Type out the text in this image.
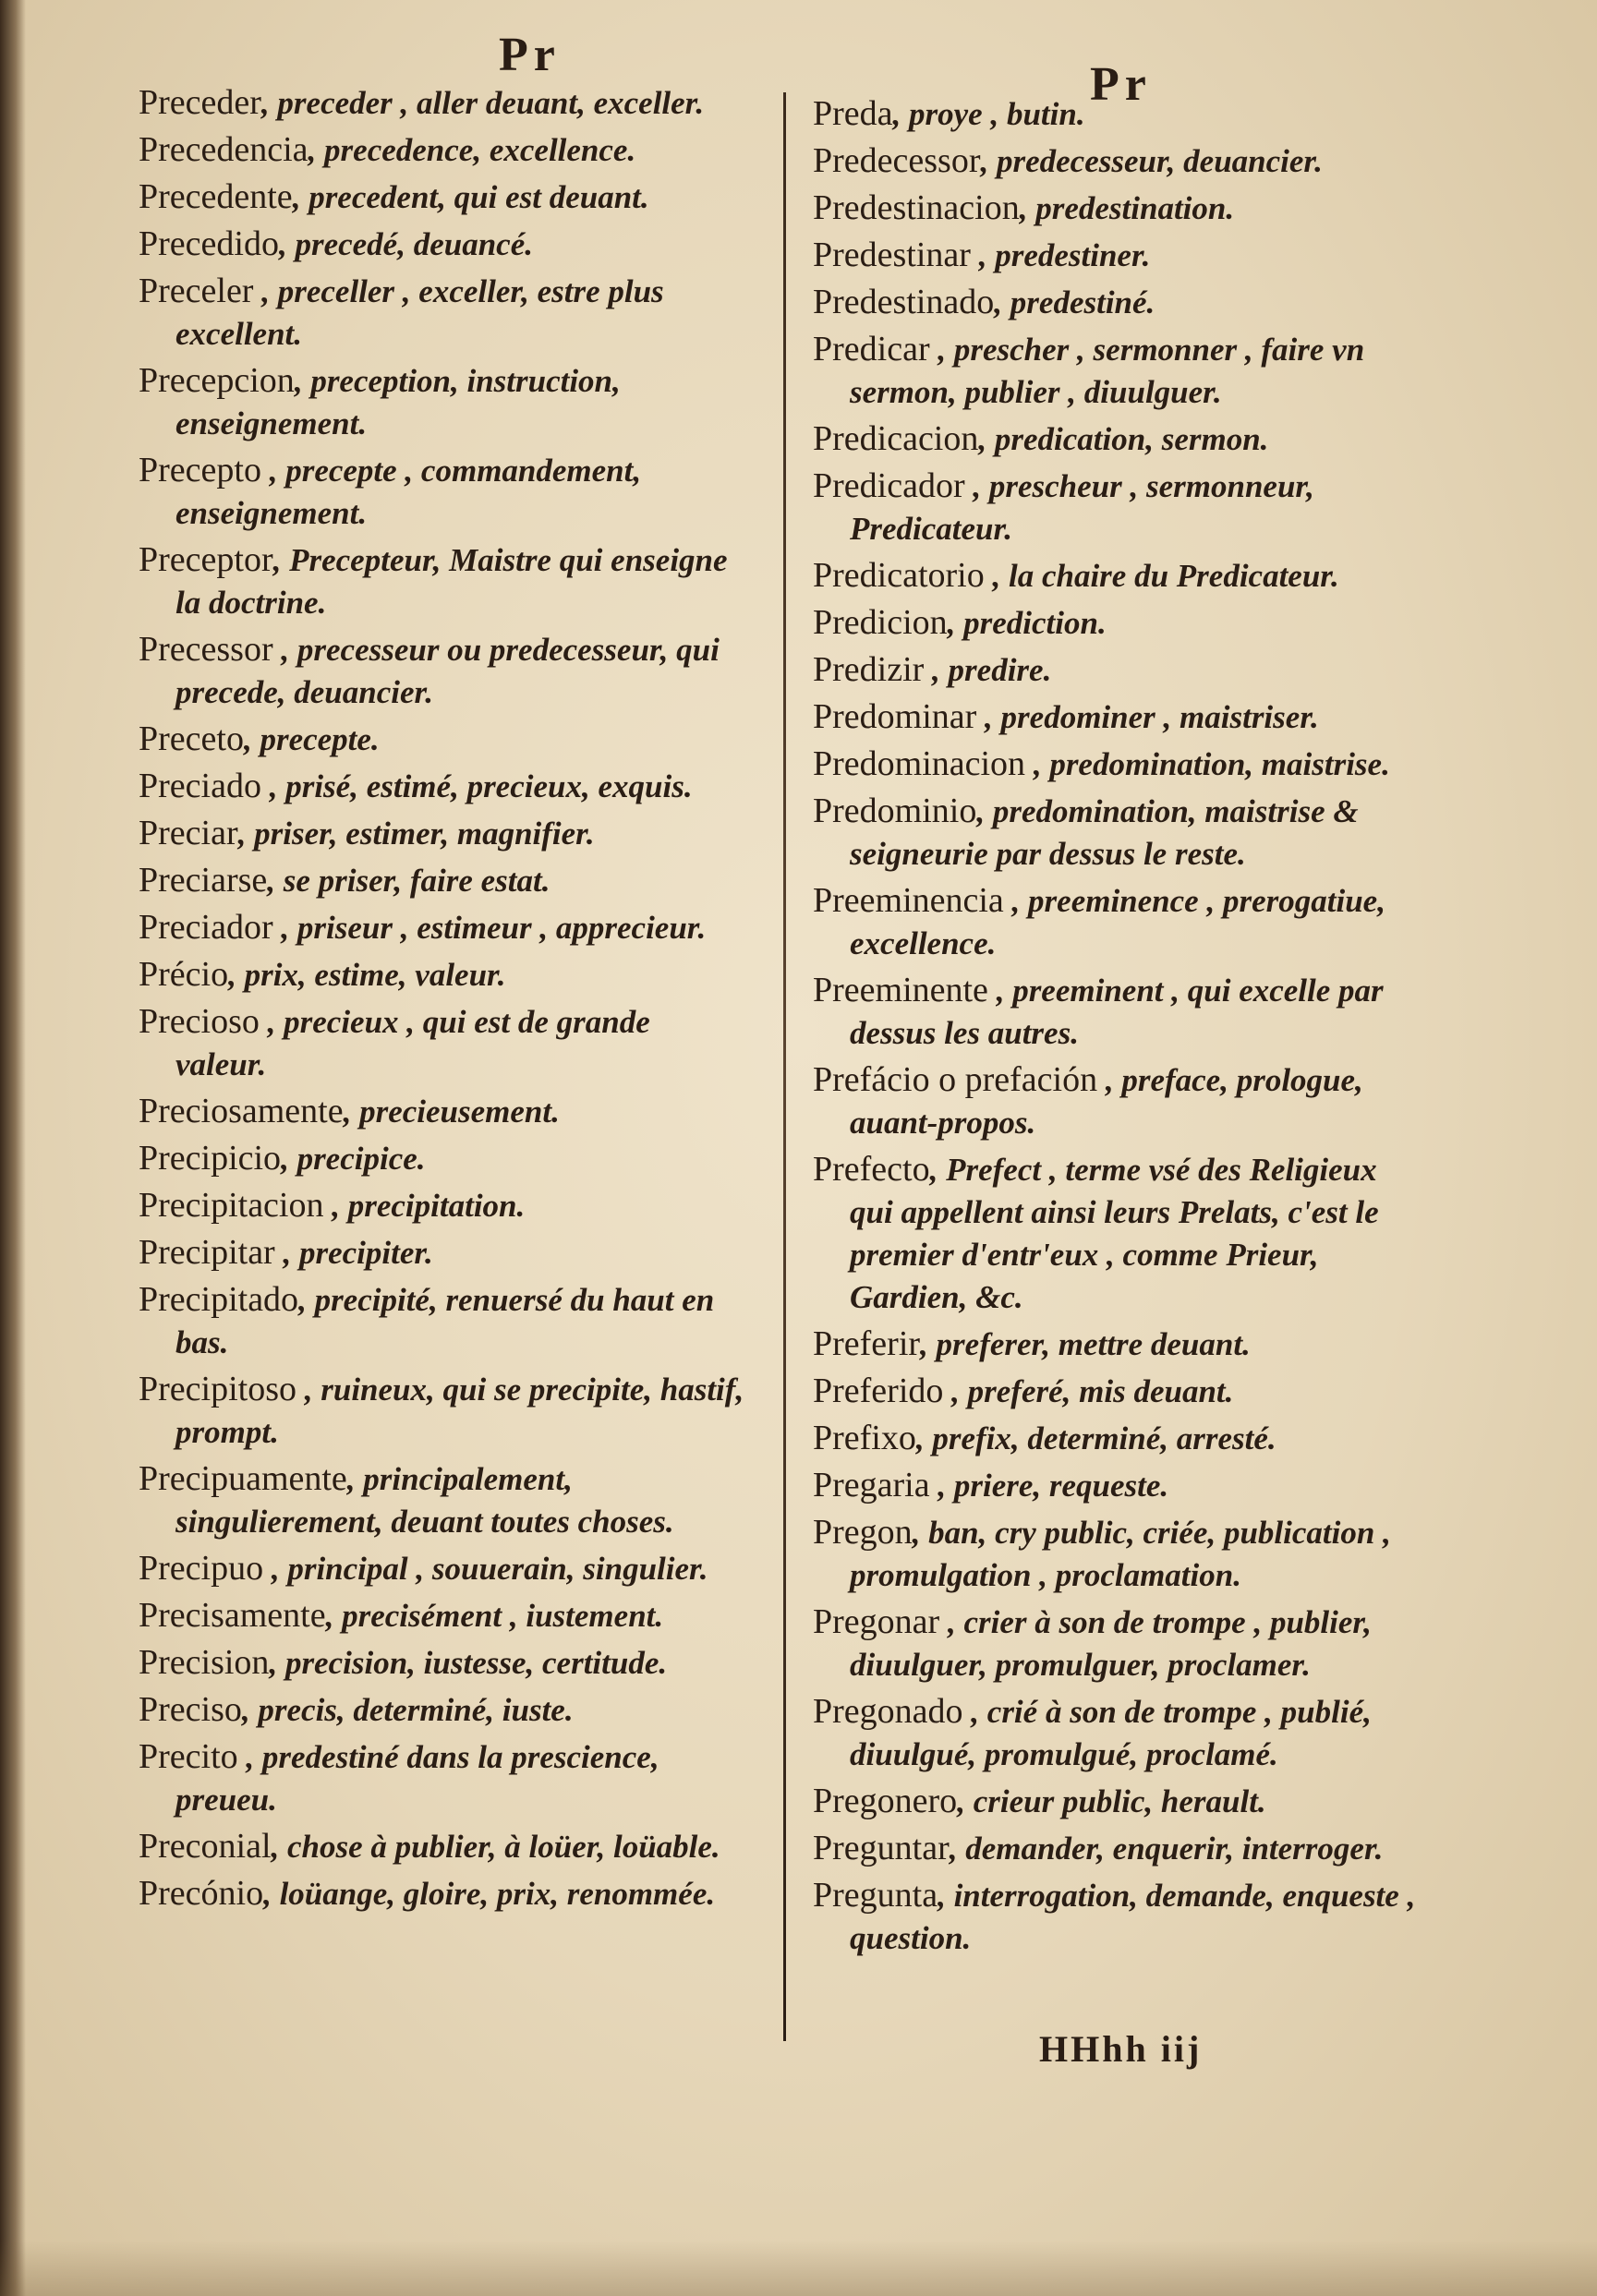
Pr
Pr
Preceder, preceder , aller deuant, exceller.
Precedencia, precedence, excellence.
Precedente, precedent, qui est deuant.
Precedido, precedé, deuancé.
Preceler , preceller , exceller, estre plus excellent.
Precepcion, preception, instruction, enseignement.
Precepto , precepte , commandement, enseignement.
Preceptor, Precepteur, Maistre qui enseigne la doctrine.
Precessor , precesseur ou predecesseur, qui precede, deuancier.
Preceto, precepte.
Preciado , prisé, estimé, precieux, exquis.
Preciar, priser, estimer, magnifier.
Preciarse, se priser, faire estat.
Preciador , priseur , estimeur , apprecieur.
Précio, prix, estime, valeur.
Precioso , precieux , qui est de grande valeur.
Preciosamente, precieusement.
Precipicio, precipice.
Precipitacion , precipitation.
Precipitar , precipiter.
Precipitado, precipité, renuersé du haut en bas.
Precipitoso , ruineux, qui se precipite, hastif, prompt.
Precipuamente, principalement, singulierement, deuant toutes choses.
Precipuo , principal , souuerain, singulier.
Precisamente, precisément , iustement.
Precision, precision, iustesse, certitude.
Preciso, precis, determiné, iuste.
Precito , predestiné dans la prescience, preueu.
Preconial, chose à publier, à loüer, loüable.
Precónio, loüange, gloire, prix, renommée.
Preda, proye , butin.
Predecessor, predecesseur, deuancier.
Predestinacion, predestination.
Predestinar , predestiner.
Predestinado, predestiné.
Predicar , prescher , sermonner , faire vn sermon, publier , diuulguer.
Predicacion, predication, sermon.
Predicador , prescheur , sermonneur, Predicateur.
Predicatorio , la chaire du Predicateur.
Predicion, prediction.
Predizir , predire.
Predominar , predominer , maistriser.
Predominacion , predomination, maistrise.
Predominio, predomination, maistrise & seigneurie par dessus le reste.
Preeminencia , preeminence , prerogatiue, excellence.
Preeminente , preeminent , qui excelle par dessus les autres.
Prefácio o prefación , preface, prologue, auant-propos.
Prefecto, Prefect , terme vsé des Religieux qui appellent ainsi leurs Prelats, c'est le premier d'entr'eux , comme Prieur, Gardien, &c.
Preferir, preferer, mettre deuant.
Preferido , preferé, mis deuant.
Prefixo, prefix, determiné, arresté.
Pregaria , priere, requeste.
Pregon, ban, cry public, criée, publication , promulgation , proclamation.
Pregonar , crier à son de trompe , publier, diuulguer, promulguer, proclamer.
Pregonado , crié à son de trompe , publié, diuulgué, promulgué, proclamé.
Pregonero, crieur public, herault.
Preguntar, demander, enquerir, interroger.
Pregunta, interrogation, demande, enqueste , question.
HHhh iij
